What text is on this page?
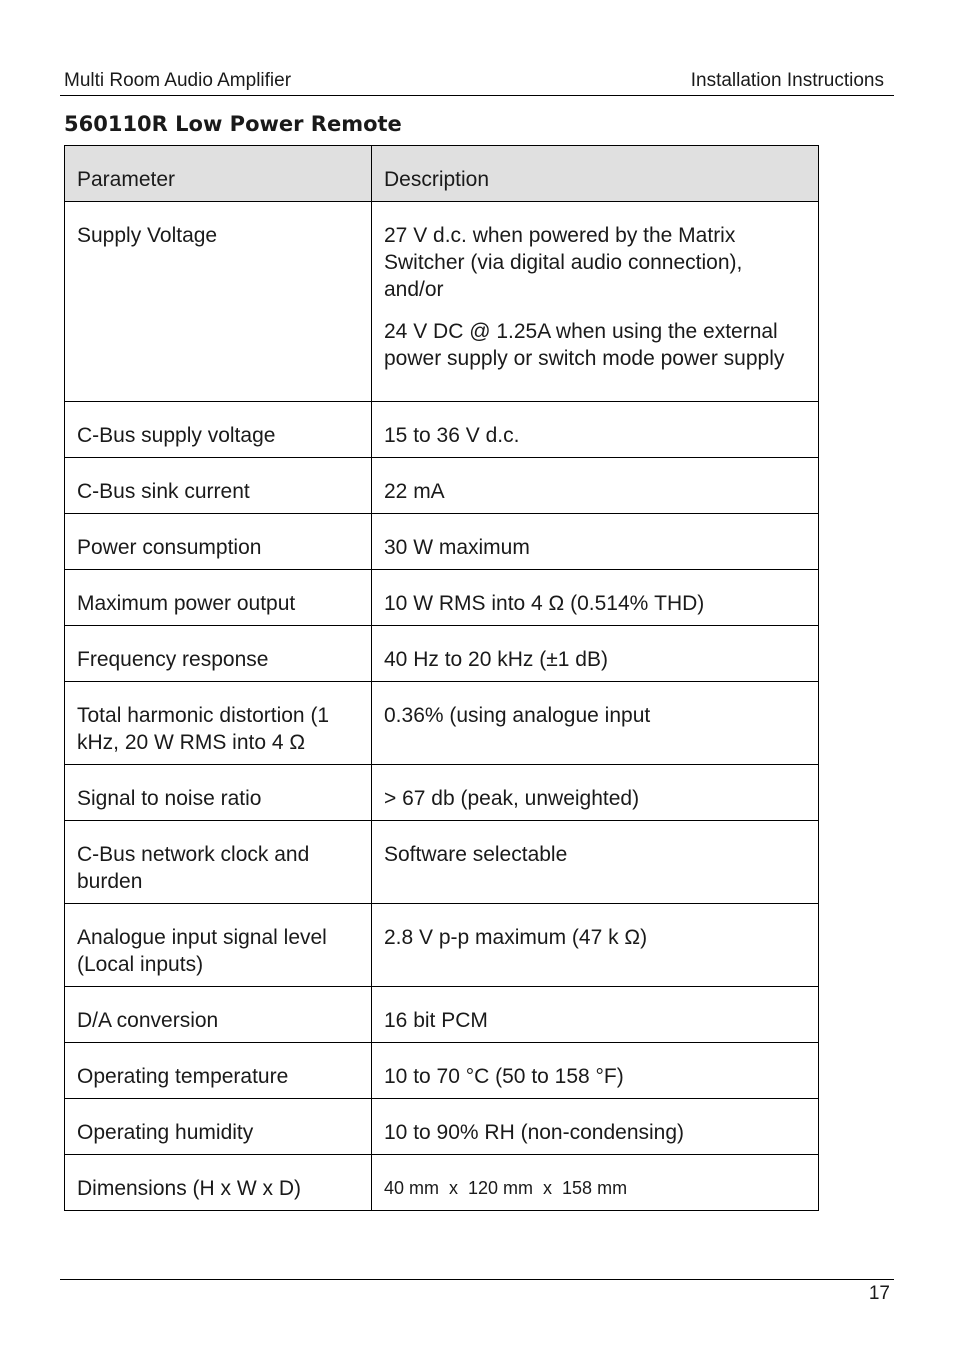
Multi Room Audio Amplifier	Installation Instructions
560110R Low Power Remote
Parameter	Description
Supply Voltage	27 V d.c. when powered by the Matrix Switcher (via digital audio connection), and/or
24 V DC @ 1.25A when using the external power supply or switch mode power supply

C-Bus supply voltage	15 to 36 V d.c.
C-Bus sink current	22 mA
Power consumption	30 W maximum
Maximum power output	10 W RMS into 4 Ω (0.514% THD)
Frequency response	40 Hz to 20 kHz (±1 dB)
Total harmonic distortion (1 kHz, 20 W RMS into 4 Ω	0.36% (using analogue input
Signal to noise ratio	> 67 db (peak, unweighted)
C-Bus network clock and burden	Software selectable
Analogue input signal level (Local inputs)	2.8 V p-p maximum (47 k Ω)
D/A conversion	16 bit PCM
Operating temperature	10 to 70 °C (50 to 158 °F)
Operating humidity	10 to 90% RH (non-condensing)
Dimensions (H x W x D)	40 mm  x  120 mm  x  158 mm
17
